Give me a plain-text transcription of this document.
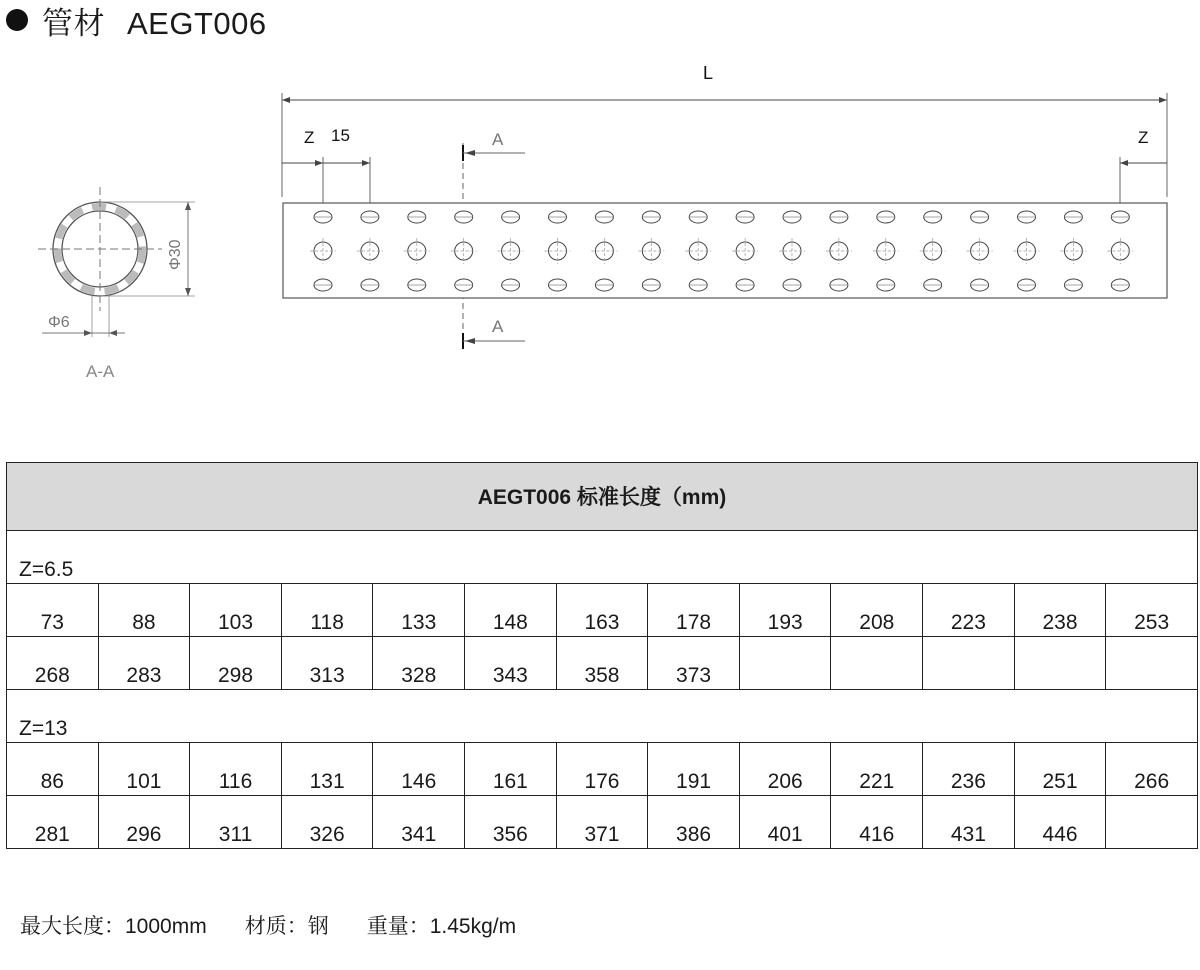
管材 AEGT006
L
Z 15	Z
A
A
Φ30
Φ6
A-A
AEGT006 标准长度（mm)												
Z=6.5												
73	88	103	118	133	148	163	178	193	208	223	238	253
268	283	298	313	328	343	358	373					
Z=13												
86	101	116	131	146	161	176	191	206	221	236	251	266
281	296	311	326	341	356	371	386	401	416	431	446	
最大长度：1000mm 材质：钢 重量：1.45kg/m
